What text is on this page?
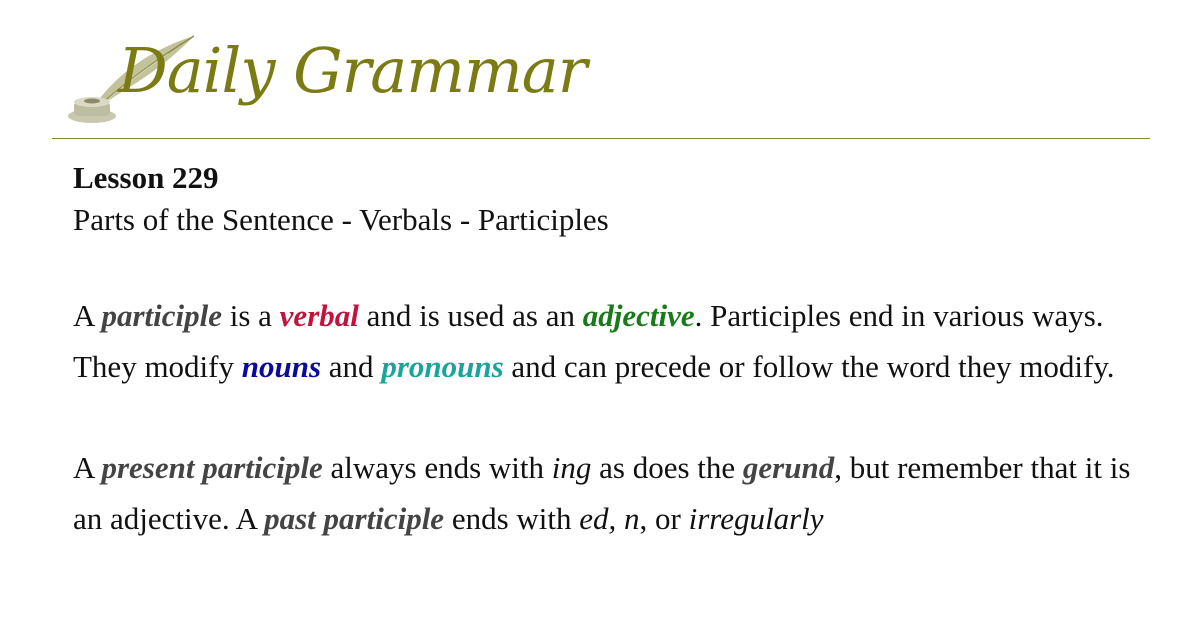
Daily Grammar

Lesson 229

Parts of the Sentence - Verbals - Participles

A participle is a verbal and is used as an adjective. Participles end in various ways. They modify nouns and pronouns and can precede or follow the word they modify.

A present participle always ends with ing as does the gerund, but remember that it is an adjective. A past participle ends with ed, n, or irregularly
